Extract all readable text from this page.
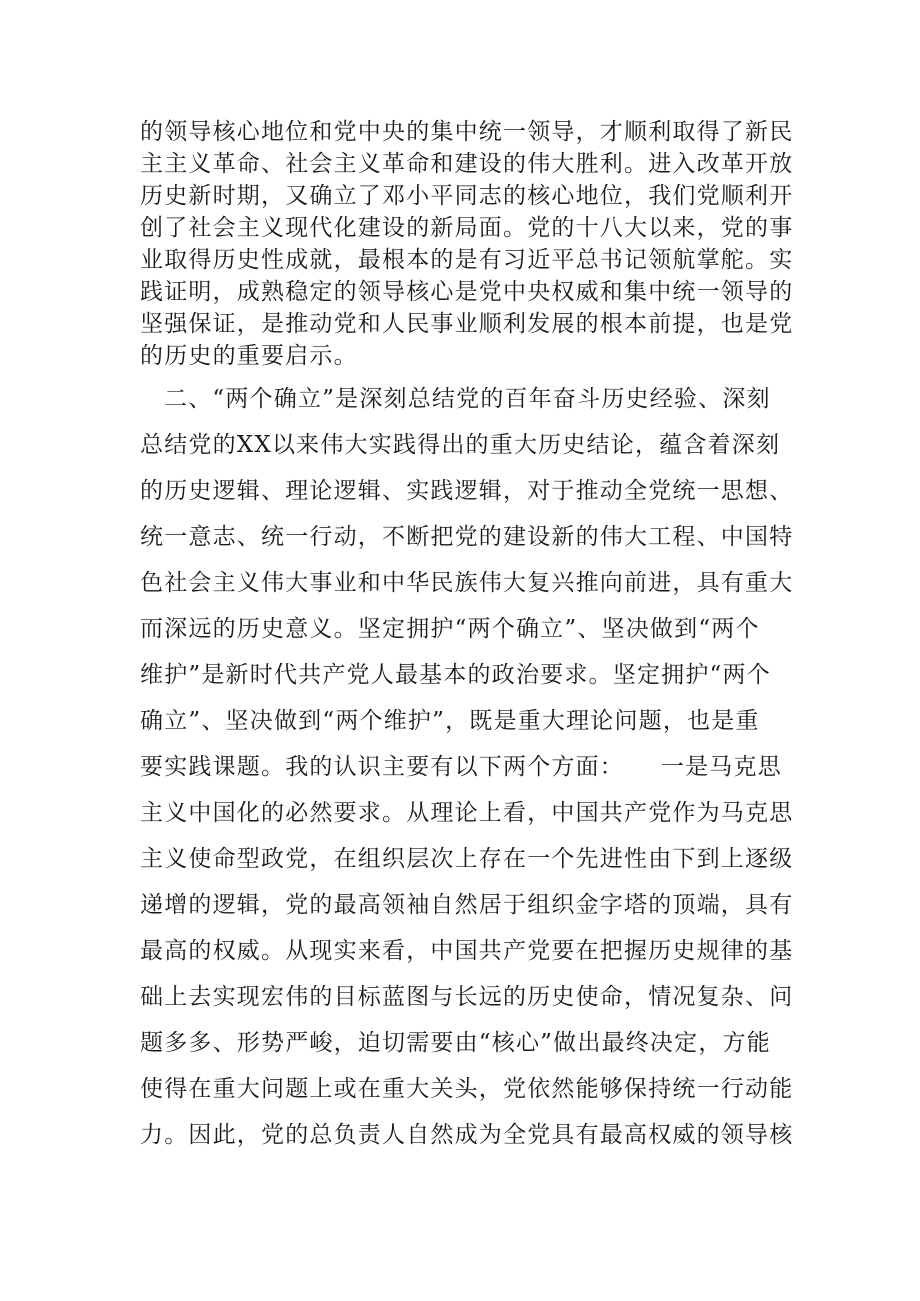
的领导核心地位和党中央的集中统一领导，才顺利取得了新民
主主义革命、社会主义革命和建设的伟大胜利。进入改革开放
历史新时期，又确立了邓小平同志的核心地位，我们党顺利开
创了社会主义现代化建设的新局面。党的十八大以来，党的事
业取得历史性成就，最根本的是有习近平总书记领航掌舵。实
践证明，成熟稳定的领导核心是党中央权威和集中统一领导的
坚强保证，是推动党和人民事业顺利发展的根本前提，也是党
的历史的重要启示。
二、“两个确立”是深刻总结党的百年奋斗历史经验、深刻
总结党的XX以来伟大实践得出的重大历史结论，蕴含着深刻
的历史逻辑、理论逻辑、实践逻辑，对于推动全党统一思想、
统一意志、统一行动，不断把党的建设新的伟大工程、中国特
色社会主义伟大事业和中华民族伟大复兴推向前进，具有重大
而深远的历史意义。坚定拥护“两个确立”、坚决做到“两个
维护”是新时代共产党人最基本的政治要求。坚定拥护“两个
确立”、坚决做到“两个维护”，既是重大理论问题，也是重
要实践课题。我的认识主要有以下两个方面：　　一是马克思
主义中国化的必然要求。从理论上看，中国共产党作为马克思
主义使命型政党，在组织层次上存在一个先进性由下到上逐级
递增的逻辑，党的最高领袖自然居于组织金字塔的顶端，具有
最高的权威。从现实来看，中国共产党要在把握历史规律的基
础上去实现宏伟的目标蓝图与长远的历史使命，情况复杂、问
题多多、形势严峻，迫切需要由“核心”做出最终决定，方能
使得在重大问题上或在重大关头，党依然能够保持统一行动能
力。因此，党的总负责人自然成为全党具有最高权威的领导核
